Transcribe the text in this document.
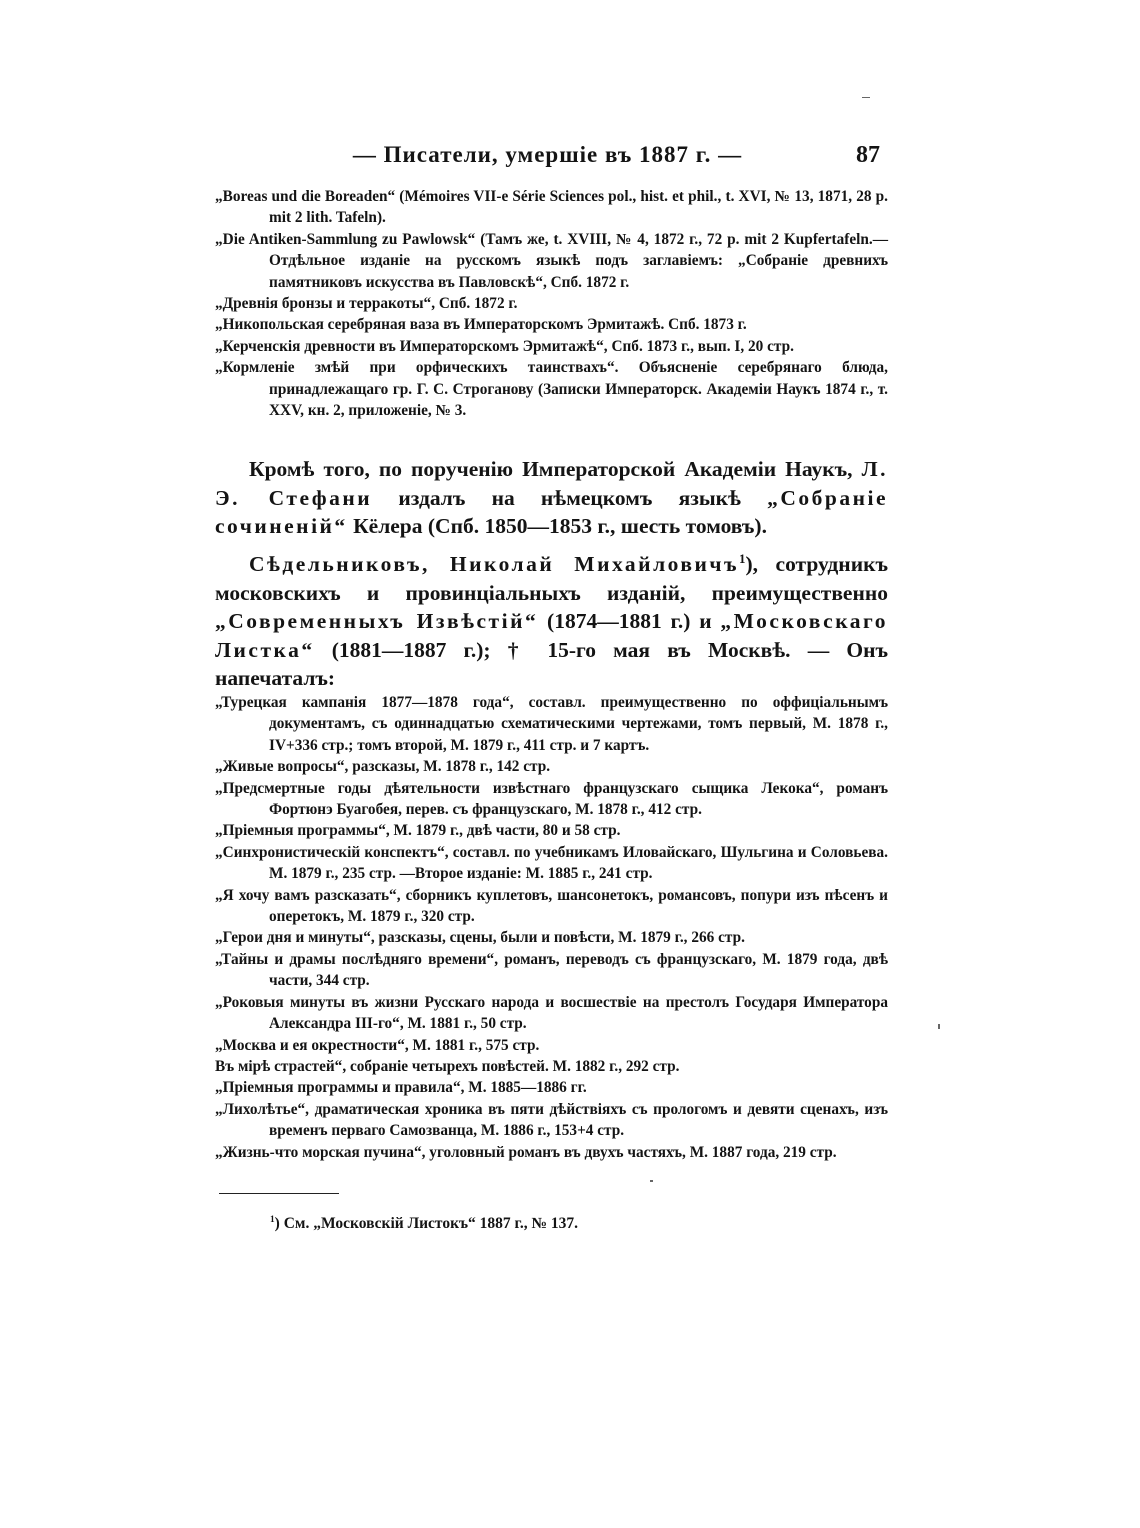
— Писатели, умершіе въ 1887 г. —	87

„Boreas und die Boreaden“ (Mémoires VII-e Série Sciences pol., hist. et phil., t. XVI, № 13, 1871, 28 p. mit 2 lith. Tafeln).

„Die Antiken-Sammlung zu Pawlowsk“ (Тамъ же, t. XVIII, № 4, 1872 г., 72 p. mit 2 Kupfertafeln.—Отдѣльное изданіе на русскомъ языкѣ подъ заглавіемъ: „Собраніе древнихъ памятниковъ искусства въ Павловскѣ“, Спб. 1872 г.

„Древнія бронзы и терракоты“, Спб. 1872 г.

„Никопольская серебряная ваза въ Императорскомъ Эрмитажѣ. Спб. 1873 г.

„Керченскія древности въ Императорскомъ Эрмитажѣ“, Спб. 1873 г., вып. I, 20 стр.

„Кормленіе змѣй при орфическихъ таинствахъ“. Объясненіе серебрянаго блюда, принадлежащаго гр. Г. С. Строганову (Записки Императорск. Академіи Наукъ 1874 г., т. XXV, кн. 2, приложеніе, № 3.

Кромѣ того, по порученію Императорской Академіи Наукъ, Л. Э. Стефани издалъ на нѣмецкомъ языкѣ „Собраніе сочиненій“ Кёлера (Спб. 1850—1853 г., шесть томовъ).

Сѣдельниковъ, Николай Михайловичъ$^1$), сотрудникъ московскихъ и провинціальныхъ изданій, преимущественно „Современныхъ Извѣстій“ (1874—1881 г.) и „Московскаго Листка“ (1881—1887 г.); † 15-го мая въ Москвѣ. — Онъ напечаталъ:

„Турецкая кампанія 1877—1878 года“, составл. преимущественно по оффиціальнымъ документамъ, съ одиннадцатью схематическими чертежами, томъ первый, М. 1878 г., IV+336 стр.; томъ второй, М. 1879 г., 411 стр. и 7 картъ.

„Живые вопросы“, разсказы, М. 1878 г., 142 стр.

„Предсмертные годы дѣятельности извѣстнаго французскаго сыщика Лекока“, романъ Фортюнэ Буагобея, перев. съ французскаго, М. 1878 г., 412 стр.

„Пріемныя программы“, М. 1879 г., двѣ части, 80 и 58 стр.

„Синхронистическій конспектъ“, составл. по учебникамъ Иловайскаго, Шульгина и Соловьева. М. 1879 г., 235 стр. —Второе изданіе: М. 1885 г., 241 стр.

„Я хочу вамъ разсказать“, сборникъ куплетовъ, шансонетокъ, романсовъ, попури изъ пѣсенъ и оперетокъ, М. 1879 г., 320 стр.

„Герои дня и минуты“, разсказы, сцены, были и повѣсти, М. 1879 г., 266 стр.

„Тайны и драмы послѣдняго времени“, романъ, переводъ съ французскаго, М. 1879 года, двѣ части, 344 стр.

„Роковыя минуты въ жизни Русскаго народа и восшествіе на престолъ Государя Императора Александра III-го“, М. 1881 г., 50 стр.

„Москва и ея окрестности“, М. 1881 г., 575 стр.

Въ мірѣ страстей“, собраніе четырехъ повѣстей. М. 1882 г., 292 стр.

„Пріемныя программы и правила“, М. 1885—1886 гг.

„Лихолѣтье“, драматическая хроника въ пяти дѣйствіяхъ съ прологомъ и девяти сценахъ, изъ временъ перваго Самозванца, М. 1886 г., 153+4 стр.

„Жизнь-что морская пучина“, уголовный романъ въ двухъ частяхъ, М. 1887 года, 219 стр.

$^1$) См. „Московскій Листокъ“ 1887 г., № 137.
